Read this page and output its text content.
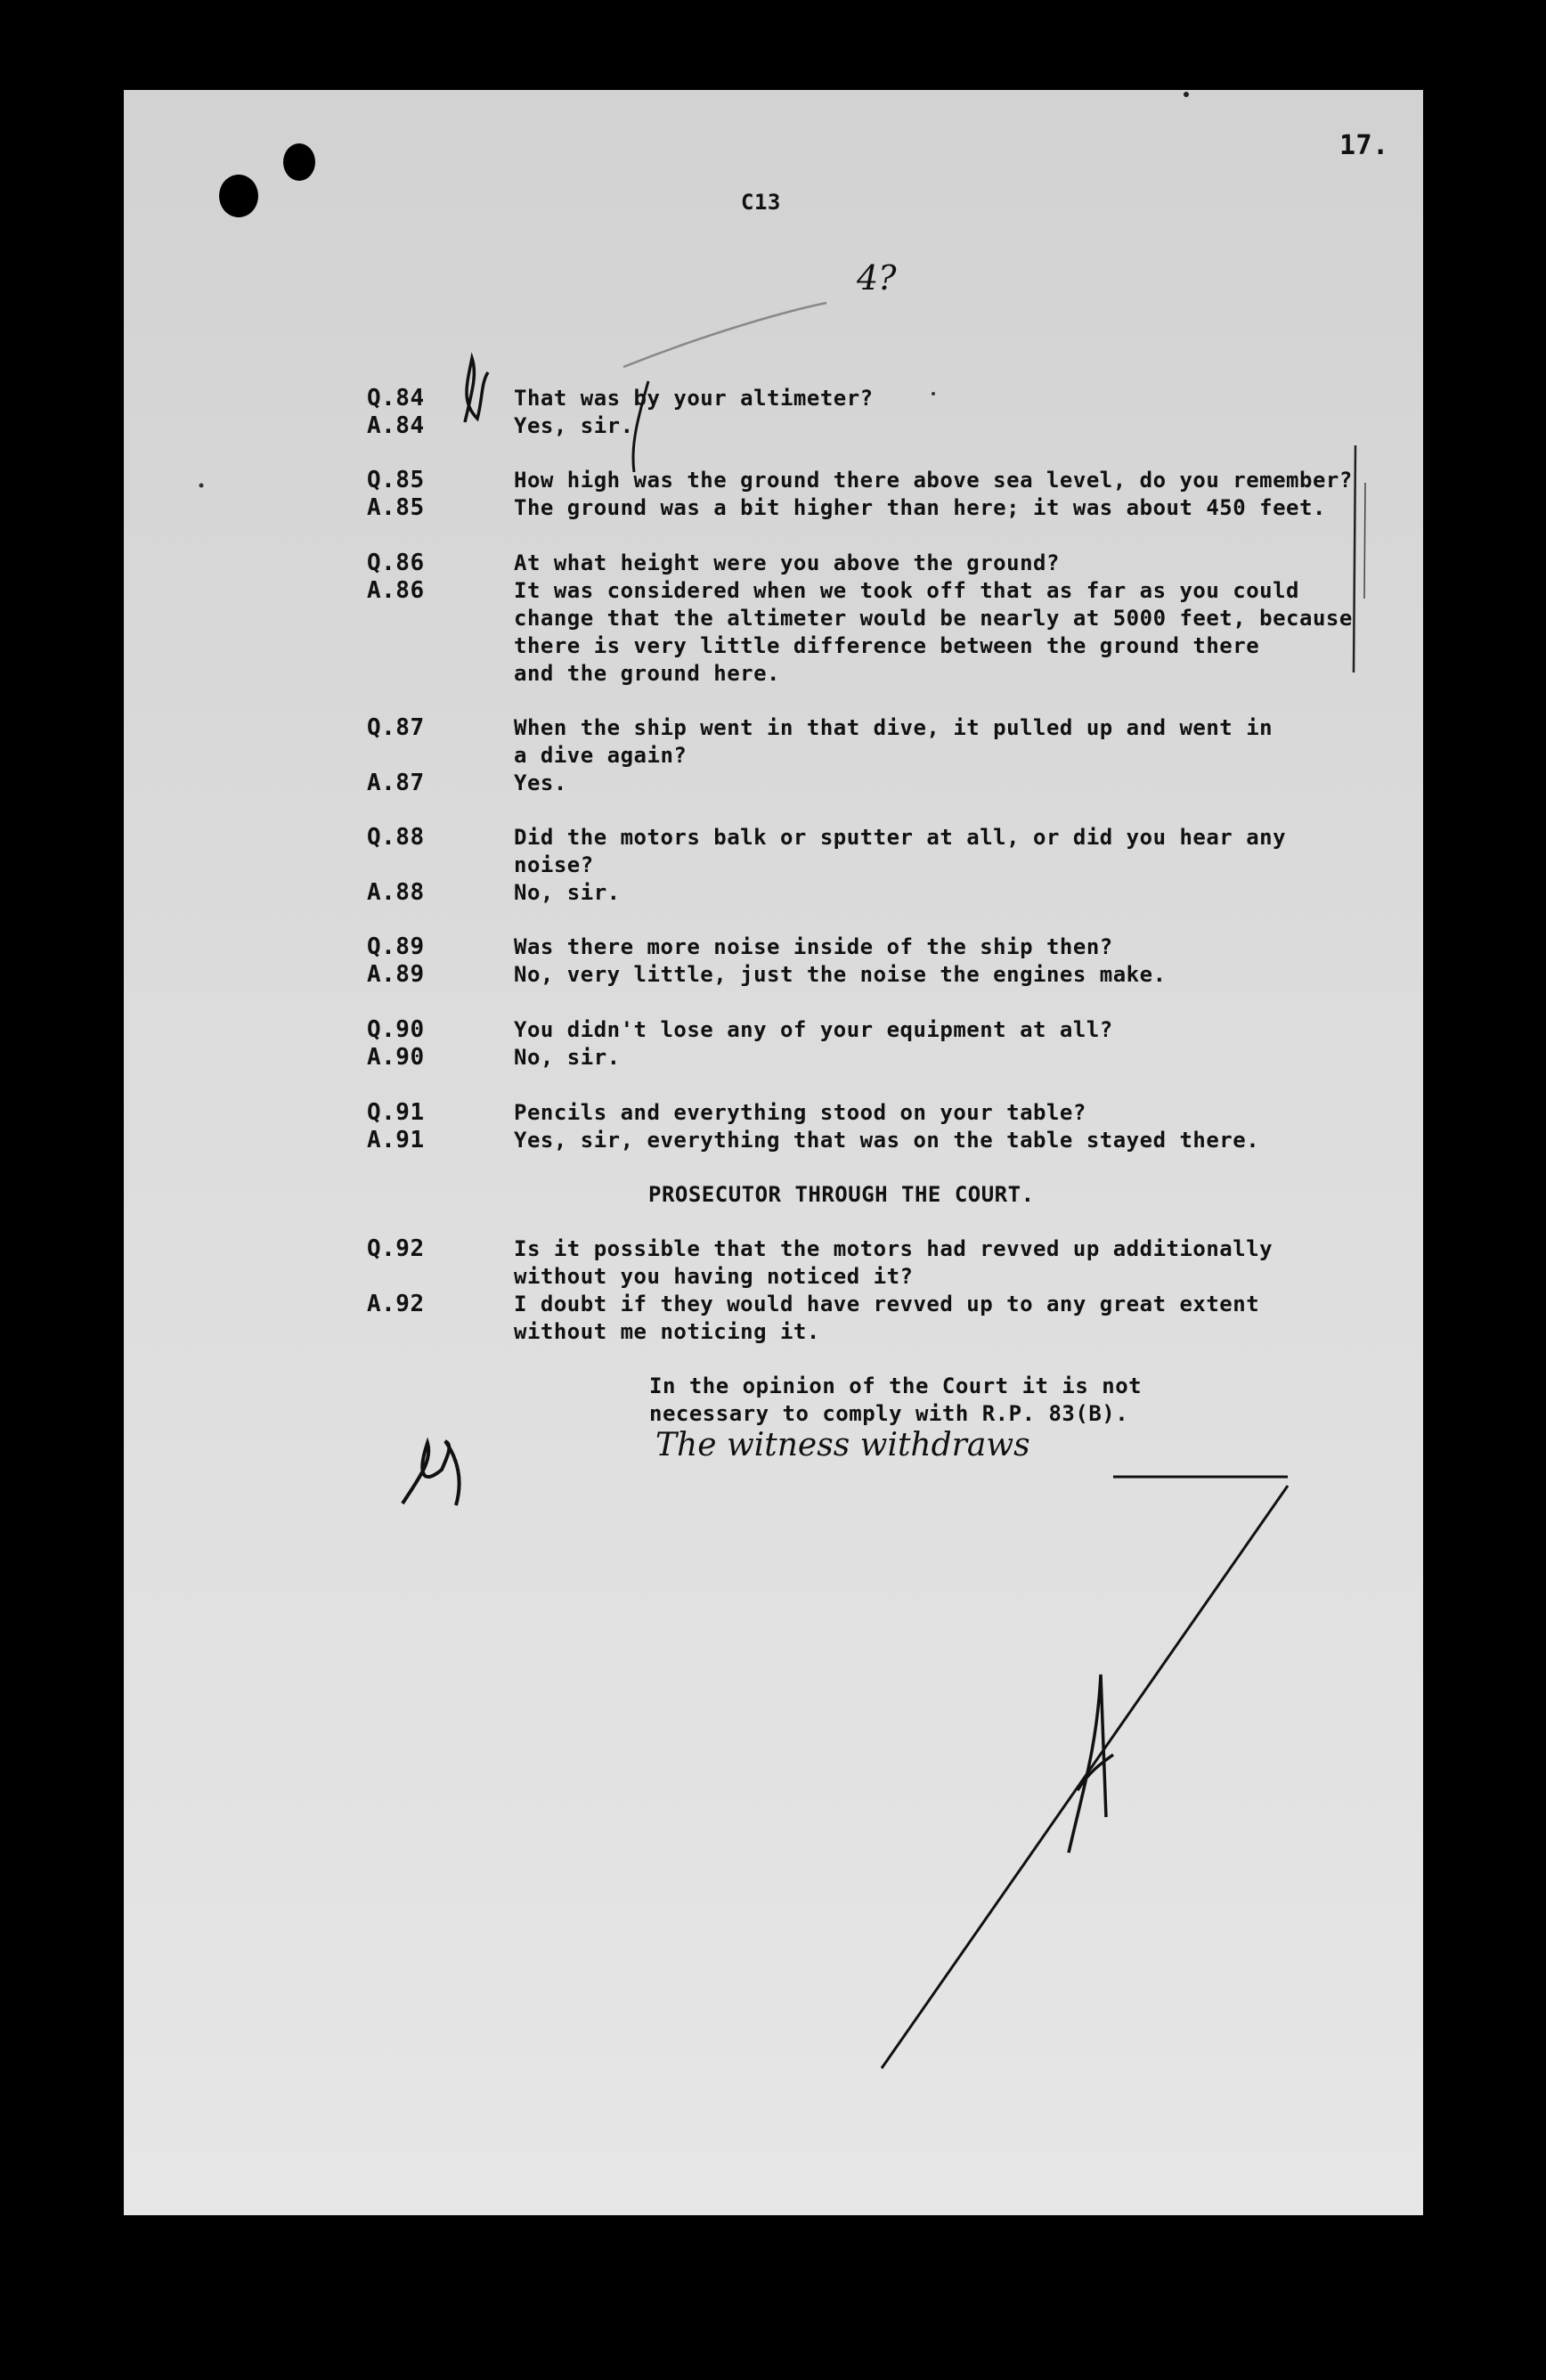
17.
C13
4?
Q.84	That was by your altimeter?
A.84	Yes, sir.
Q.85	How high was the ground there above sea level, do you remember?
A.85	The ground was a bit higher than here; it was about 450 feet.
Q.86	At what height were you above the ground?
A.86	It was considered when we took off that as far as you could
change that the altimeter would be nearly at 5000 feet, because
there is very little difference between the ground there
and the ground here.
Q.87	When the ship went in that dive, it pulled up and went in
a dive again?
A.87	Yes.
Q.88	Did the motors balk or sputter at all, or did you hear any
noise?
A.88	No, sir.
Q.89	Was there more noise inside of the ship then?
A.89	No, very little, just the noise the engines make.
Q.90	You didn't lose any of your equipment at all?
A.90	No, sir.
Q.91	Pencils and everything stood on your table?
A.91	Yes, sir, everything that was on the table stayed there.
PROSECUTOR THROUGH THE COURT.
Q.92	Is it possible that the motors had revved up additionally
without you having noticed it?
A.92	I doubt if they would have revved up to any great extent
without me noticing it.
In the opinion of the Court it is not
necessary to comply with R.P. 83(B).
The witness withdraws
